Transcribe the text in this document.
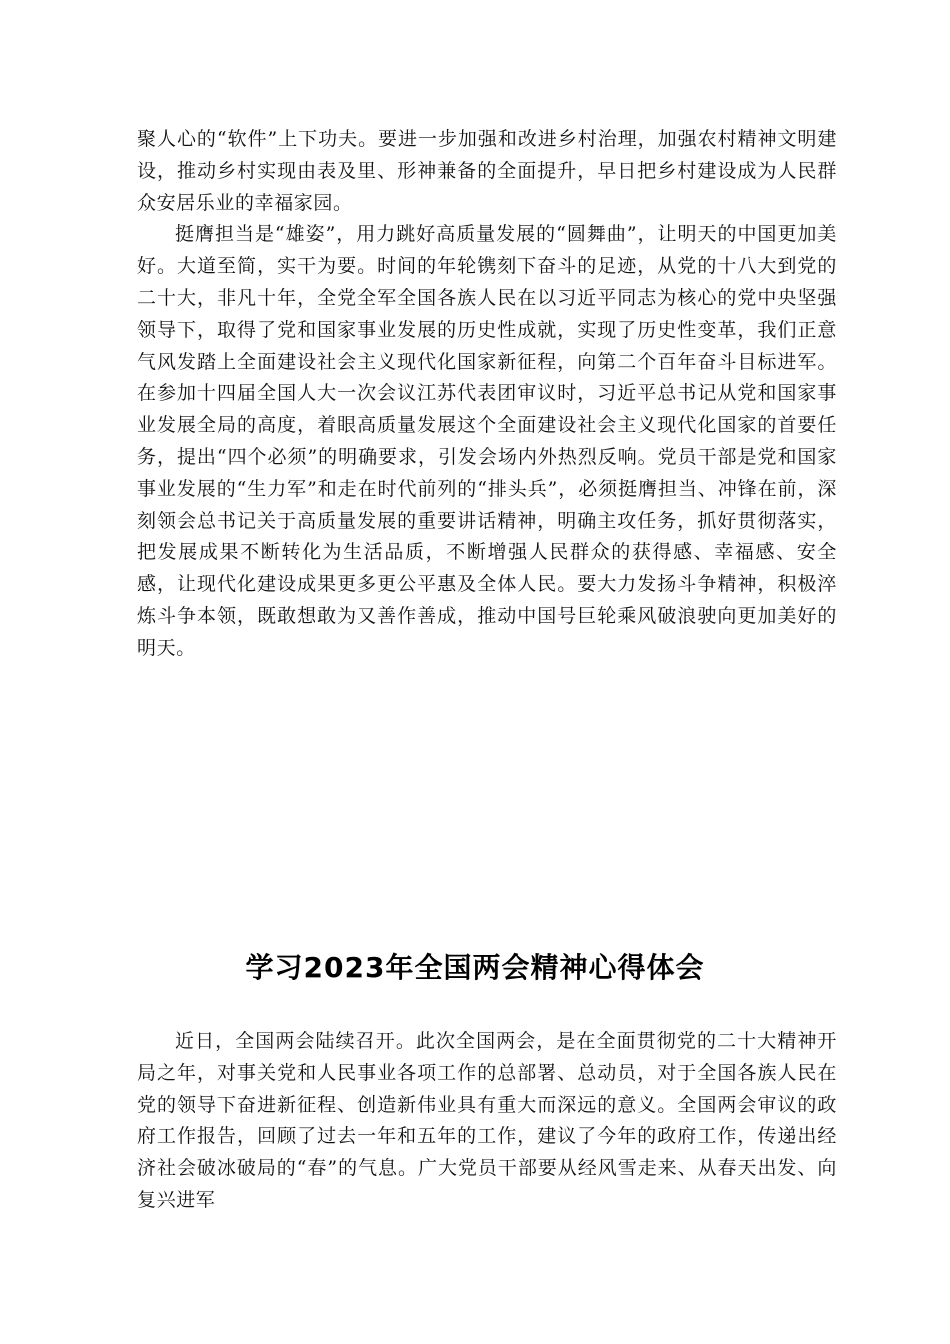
聚人心的“软件”上下功夫。要进一步加强和改进乡村治理，加强农村精神文明建设，推动乡村实现由表及里、形神兼备的全面提升，早日把乡村建设成为人民群众安居乐业的幸福家园。

挺膺担当是“雄姿”，用力跳好高质量发展的“圆舞曲”，让明天的中国更加美好。大道至简，实干为要。时间的年轮镌刻下奋斗的足迹，从党的十八大到党的二十大，非凡十年，全党全军全国各族人民在以习近平同志为核心的党中央坚强领导下，取得了党和国家事业发展的历史性成就，实现了历史性变革，我们正意气风发踏上全面建设社会主义现代化国家新征程，向第二个百年奋斗目标进军。在参加十四届全国人大一次会议江苏代表团审议时，习近平总书记从党和国家事业发展全局的高度，着眼高质量发展这个全面建设社会主义现代化国家的首要任务，提出“四个必须”的明确要求，引发会场内外热烈反响。党员干部是党和国家事业发展的“生力军”和走在时代前列的“排头兵”，必须挺膺担当、冲锋在前，深刻领会总书记关于高质量发展的重要讲话精神，明确主攻任务，抓好贯彻落实，把发展成果不断转化为生活品质，不断增强人民群众的获得感、幸福感、安全感，让现代化建设成果更多更公平惠及全体人民。要大力发扬斗争精神，积极淬炼斗争本领，既敢想敢为又善作善成，推动中国号巨轮乘风破浪驶向更加美好的明天。

学习2023年全国两会精神心得体会

近日，全国两会陆续召开。此次全国两会，是在全面贯彻党的二十大精神开局之年，对事关党和人民事业各项工作的总部署、总动员，对于全国各族人民在党的领导下奋进新征程、创造新伟业具有重大而深远的意义。全国两会审议的政府工作报告，回顾了过去一年和五年的工作，建议了今年的政府工作，传递出经济社会破冰破局的“春”的气息。广大党员干部要从经风雪走来、从春天出发、向复兴进军
